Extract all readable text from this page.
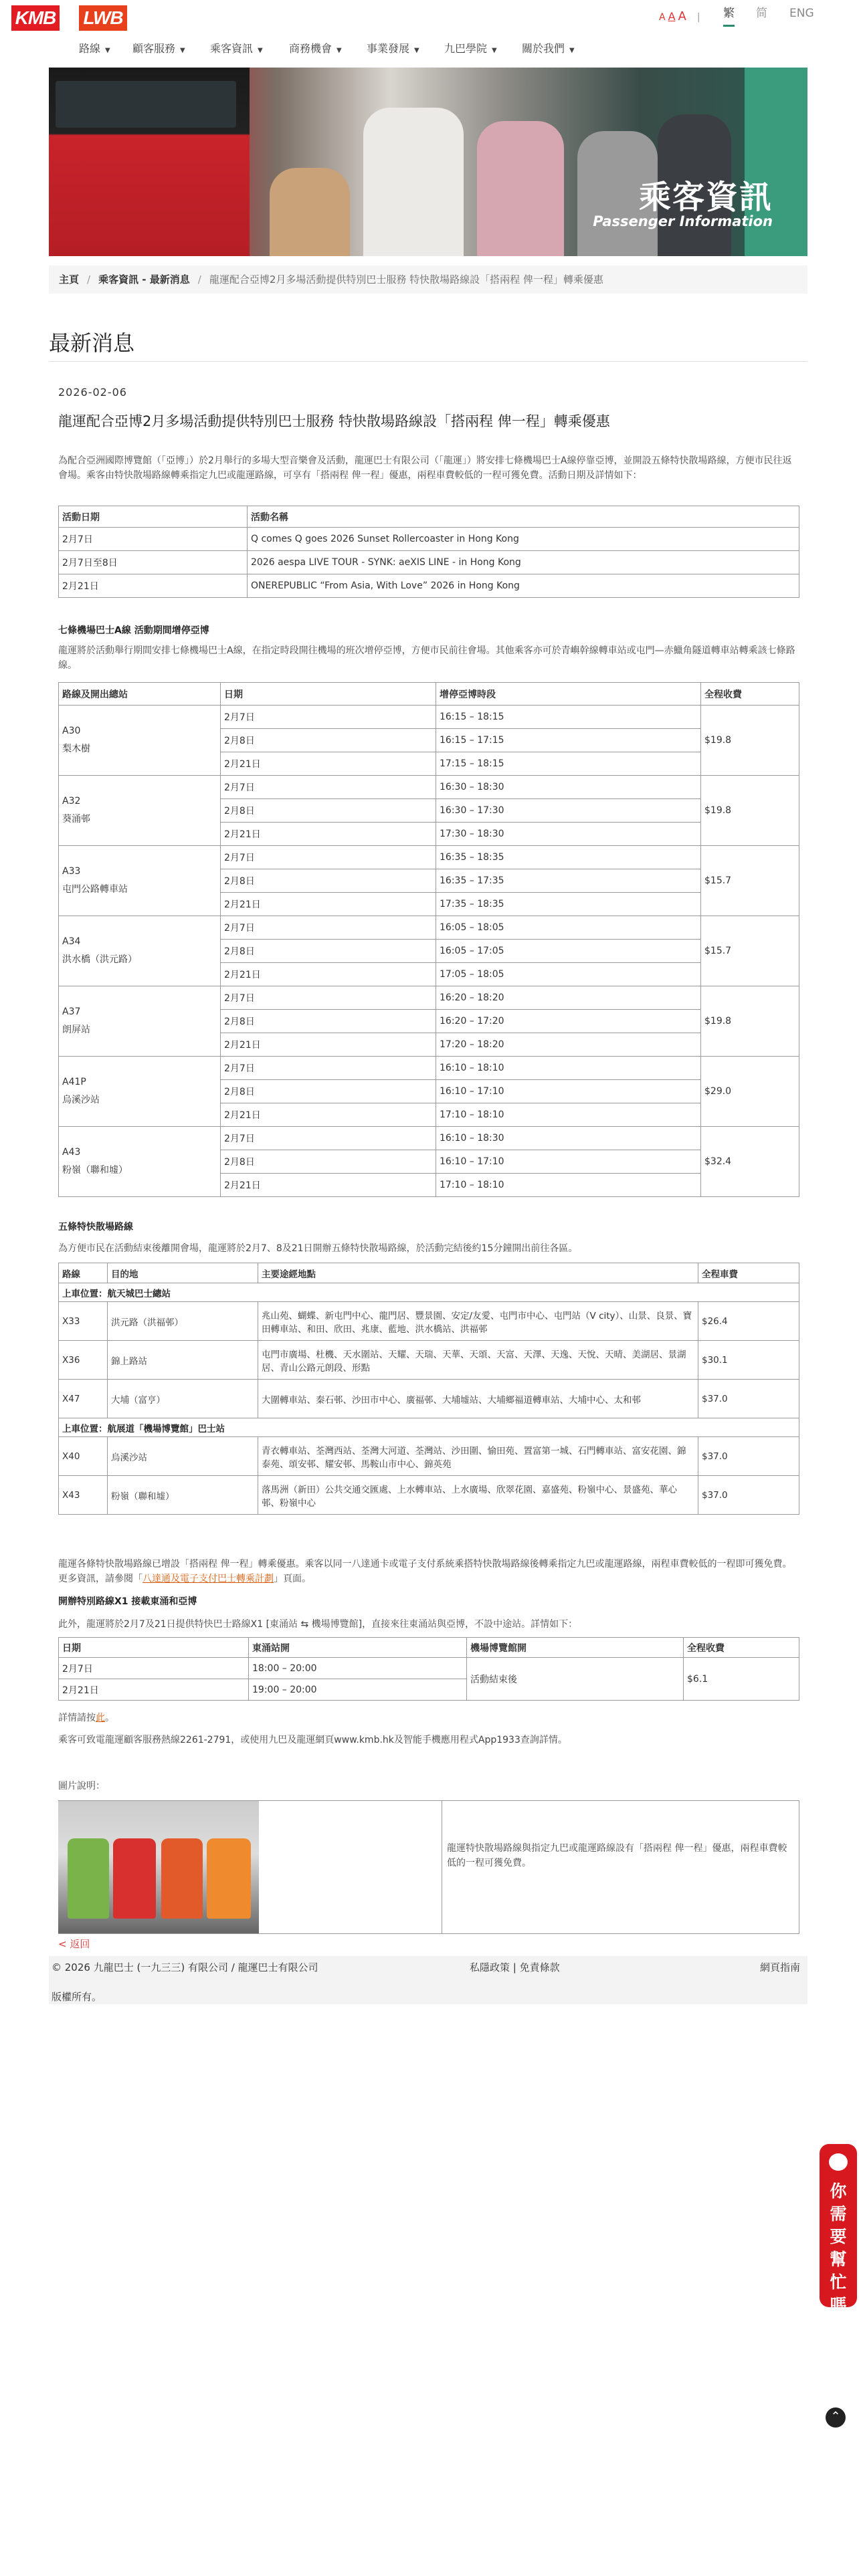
KMB LWB	A A A | 繁 简 ENG
路線 ▼ 顧客服務 ▼ 乘客資訊 ▼ 商務機會 ▼ 事業發展 ▼ 九巴學院 ▼ 關於我們 ▼
乘客資訊
Passenger Information
主頁 / 乘客資訊 - 最新消息 / 龍運配合亞博2月多場活動提供特別巴士服務 特快散場路線設「搭兩程 俾一程」轉乘優惠
最新消息
2026-02-06
龍運配合亞博2月多場活動提供特別巴士服務 特快散場路線設「搭兩程 俾一程」轉乘優惠
為配合亞洲國際博覽館（「亞博」）於2月舉行的多場大型音樂會及活動，龍運巴士有限公司（「龍運」）將安排七條機場巴士A線停靠亞博，並開設五條特快散場路線，方便市民往返會場。乘客由特快散場路線轉乘指定九巴或龍運路線，可享有「搭兩程 俾一程」優惠，兩程車費較低的一程可獲免費。活動日期及詳情如下：
活動日期	活動名稱
2月7日	Q comes Q goes 2026 Sunset Rollercoaster in Hong Kong
2月7日至8日	2026 aespa LIVE TOUR - SYNK: aeXIS LINE - in Hong Kong
2月21日	ONEREPUBLIC “From Asia, With Love” 2026 in Hong Kong
七條機場巴士A線 活動期間增停亞博
龍運將於活動舉行期間安排七條機場巴士A線，在指定時段開往機場的班次增停亞博，方便市民前往會場。其他乘客亦可於青嶼幹線轉車站或屯門—赤鱲角隧道轉車站轉乘該七條路線。
路線及開出總站	日期	增停亞博時段	全程收費

A30
梨木樹	2月7日	16:15 – 18:15	$19.8
	2月8日	16:15 – 17:15	
	2月21日	17:15 – 18:15	

A32
葵涌邨	2月7日	16:30 – 18:30	$19.8
	2月8日	16:30 – 17:30	
	2月21日	17:30 – 18:30	

A33
屯門公路轉車站	2月7日	16:35 – 18:35	$15.7
	2月8日	16:35 – 17:35	
	2月21日	17:35 – 18:35	

A34
洪水橋（洪元路）	2月7日	16:05 – 18:05	$15.7
	2月8日	16:05 – 17:05	
	2月21日	17:05 – 18:05	

A37
朗屏站	2月7日	16:20 – 18:20	$19.8
	2月8日	16:20 – 17:20	
	2月21日	17:20 – 18:20	

A41P
烏溪沙站	2月7日	16:10 – 18:10	$29.0
	2月8日	16:10 – 17:10	
	2月21日	17:10 – 18:10	

A43
粉嶺（聯和墟）	2月7日	16:10 – 18:30	$32.4
	2月8日	16:10 – 17:10	
	2月21日	17:10 – 18:10	
五條特快散場路線
為方便市民在活動結束後離開會場，龍運將於2月7、8及21日開辦五條特快散場路線，於活動完結後約15分鐘開出前往各區。
路線	目的地	主要途經地點	全程車費
上車位置：航天城巴士總站			
X33	洪元路（洪福邨）	兆山苑、蝴蝶、新屯門中心、龍門居、豐景園、安定/友愛、屯門市中心、屯門站（V city）、山景、良景、寶田轉車站、和田、欣田、兆康、藍地、洪水橋站、洪福邨	$26.4
X36	錦上路站	屯門市廣場、杜機、天水圍站、天耀、天瑞、天華、天頌、天富、天澤、天逸、天悅、天晴、美湖居、景湖居、青山公路元朗段、形點	$30.1
X47	大埔（富亨）	大圍轉車站、秦石邨、沙田市中心、廣福邨、大埔墟站、大埔鄉福道轉車站、大埔中心、太和邨	$37.0
上車位置：航展道「機場博覽館」巴士站			
X40	烏溪沙站	青衣轉車站、荃灣西站、荃灣大河道、荃灣站、沙田圍、愉田苑、置富第一城、石門轉車站、富安花園、錦泰苑、頌安邨、耀安邨、馬鞍山市中心、錦英苑	$37.0
X43	粉嶺（聯和墟）	落馬洲（新田）公共交通交匯處、上水轉車站、上水廣場、欣翠花園、嘉盛苑、粉嶺中心、景盛苑、華心邨、粉嶺中心	$37.0
龍運各條特快散場路線已增設「搭兩程 俾一程」轉乘優惠。乘客以同一八達通卡或電子支付系統乘搭特快散場路線後轉乘指定九巴或龍運路線，兩程車費較低的一程即可獲免費。更多資訊，請參閱「八達通及電子支付巴士轉乘計劃」頁面。
開辦特別路線X1 接載東涌和亞博
此外，龍運將於2月7及21日提供特快巴士路線X1 [東涌站 ⇆ 機場博覽館]，直接來往東涌站與亞博，不設中途站。詳情如下：
日期	東涌站開	機場博覽館開	全程收費
2月7日	18:00 – 20:00	活動結束後	$6.1
2月21日	19:00 – 20:00		
詳情請按此。
乘客可致電龍運顧客服務熱線2261-2791，或使用九巴及龍運網頁www.kmb.hk及智能手機應用程式App1933查詢詳情。
圖片說明：
龍運特快散場路線與指定九巴或龍運路線設有「搭兩程 俾一程」優惠，兩程車費較低的一程可獲免費。
< 返回
© 2026 九龍巴士 (一九三三) 有限公司 / 龍運巴士有限公司
版權所有。
私隱政策 | 免責條款	網頁指南
你
需
要
幫
忙
嗎
⌃
